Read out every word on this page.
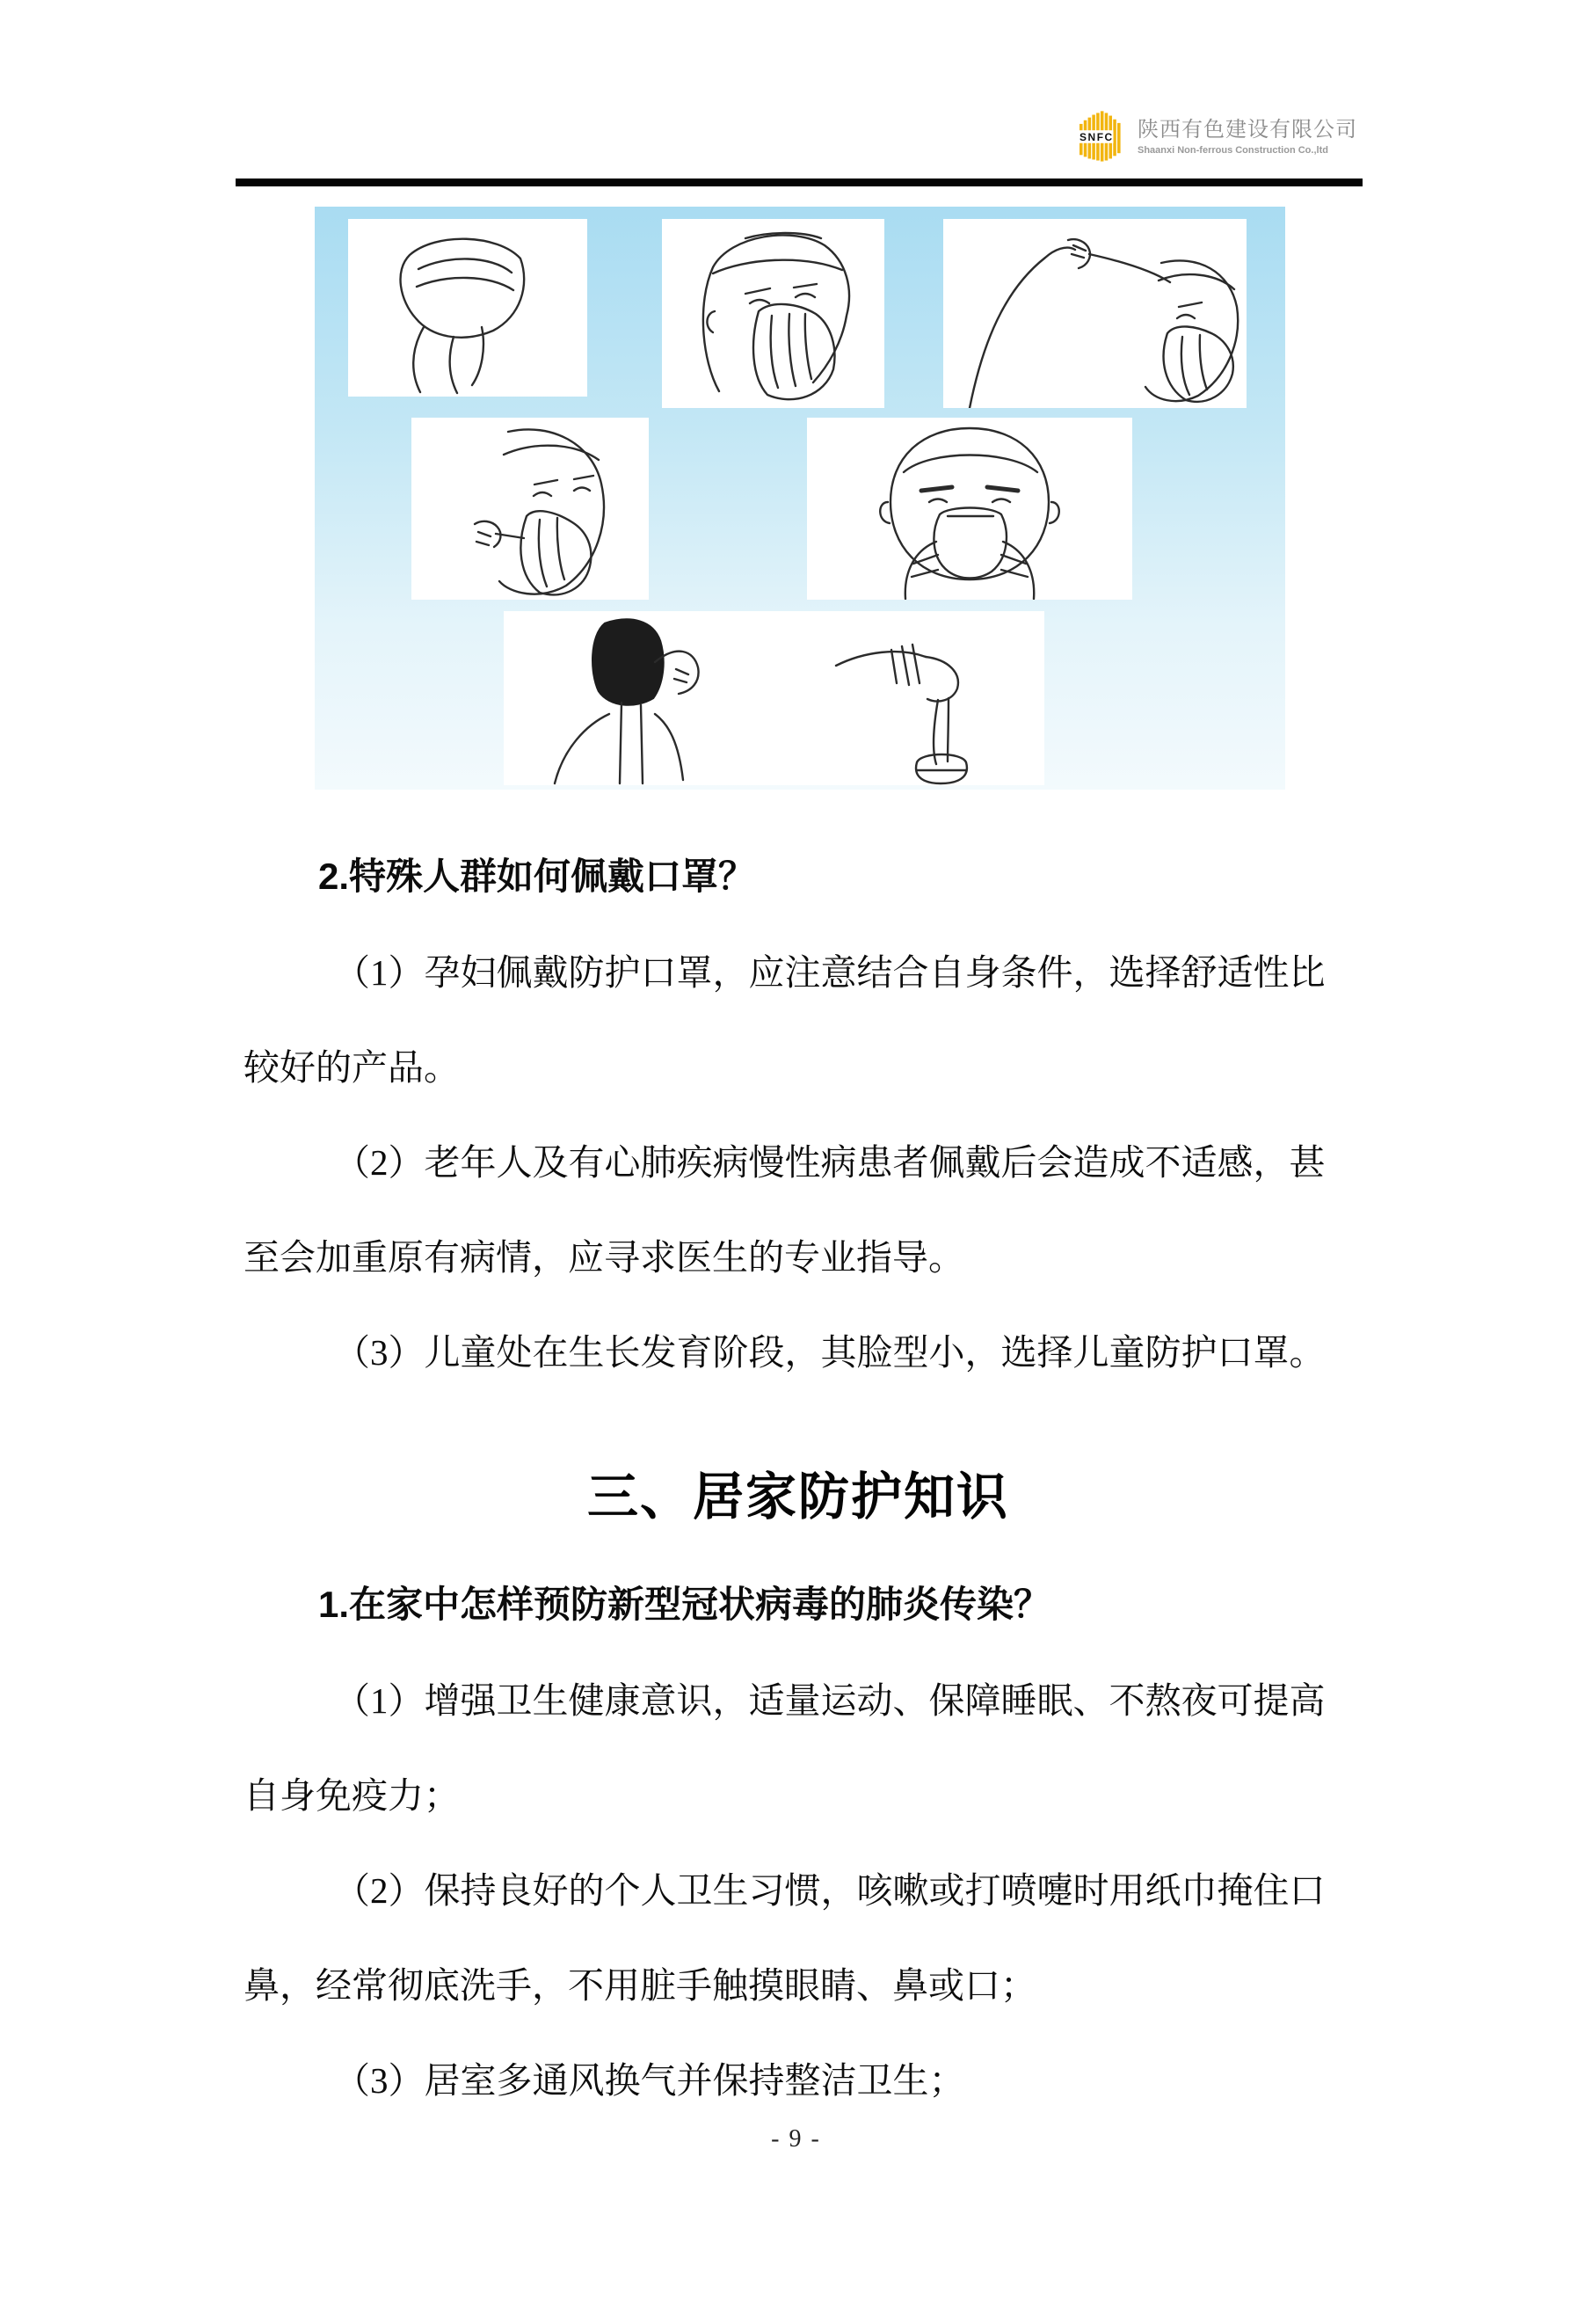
SNFC 陕西有色建设有限公司
Shaanxi Non-ferrous Construction Co.,ltd
2.特殊人群如何佩戴口罩？
（1）孕妇佩戴防护口罩，应注意结合自身条件，选择舒适性比
较好的产品。
（2）老年人及有心肺疾病慢性病患者佩戴后会造成不适感，甚
至会加重原有病情，应寻求医生的专业指导。
（3）儿童处在生长发育阶段，其脸型小，选择儿童防护口罩。
三、居家防护知识
1.在家中怎样预防新型冠状病毒的肺炎传染？
（1）增强卫生健康意识，适量运动、保障睡眠、不熬夜可提高
自身免疫力；
（2）保持良好的个人卫生习惯，咳嗽或打喷嚏时用纸巾掩住口
鼻，经常彻底洗手，不用脏手触摸眼睛、鼻或口；
（3）居室多通风换气并保持整洁卫生；
- 9 -
